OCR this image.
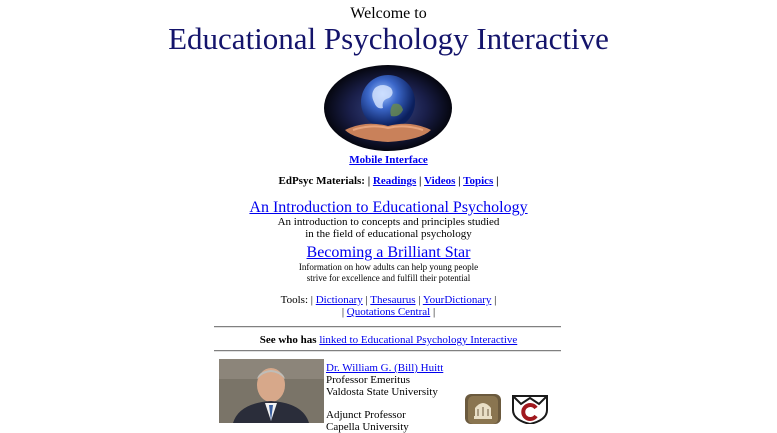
Welcome to
Educational Psychology Interactive
Mobile Interface
EdPsyc Materials: | Readings | Videos | Topics |
An Introduction to Educational Psychology
An introduction to concepts and principles studied
in the field of educational psychology
Becoming a Brilliant Star
Information on how adults can help young people
strive for excellence and fulfill their potential
Tools: | Dictionary | Thesaurus | YourDictionary |
| Quotations Central |
See who has linked to Educational Psychology Interactive
Dr. William G. (Bill) Huitt
Professor Emeritus
Valdosta State University
Adjunct Professor
Capella University
